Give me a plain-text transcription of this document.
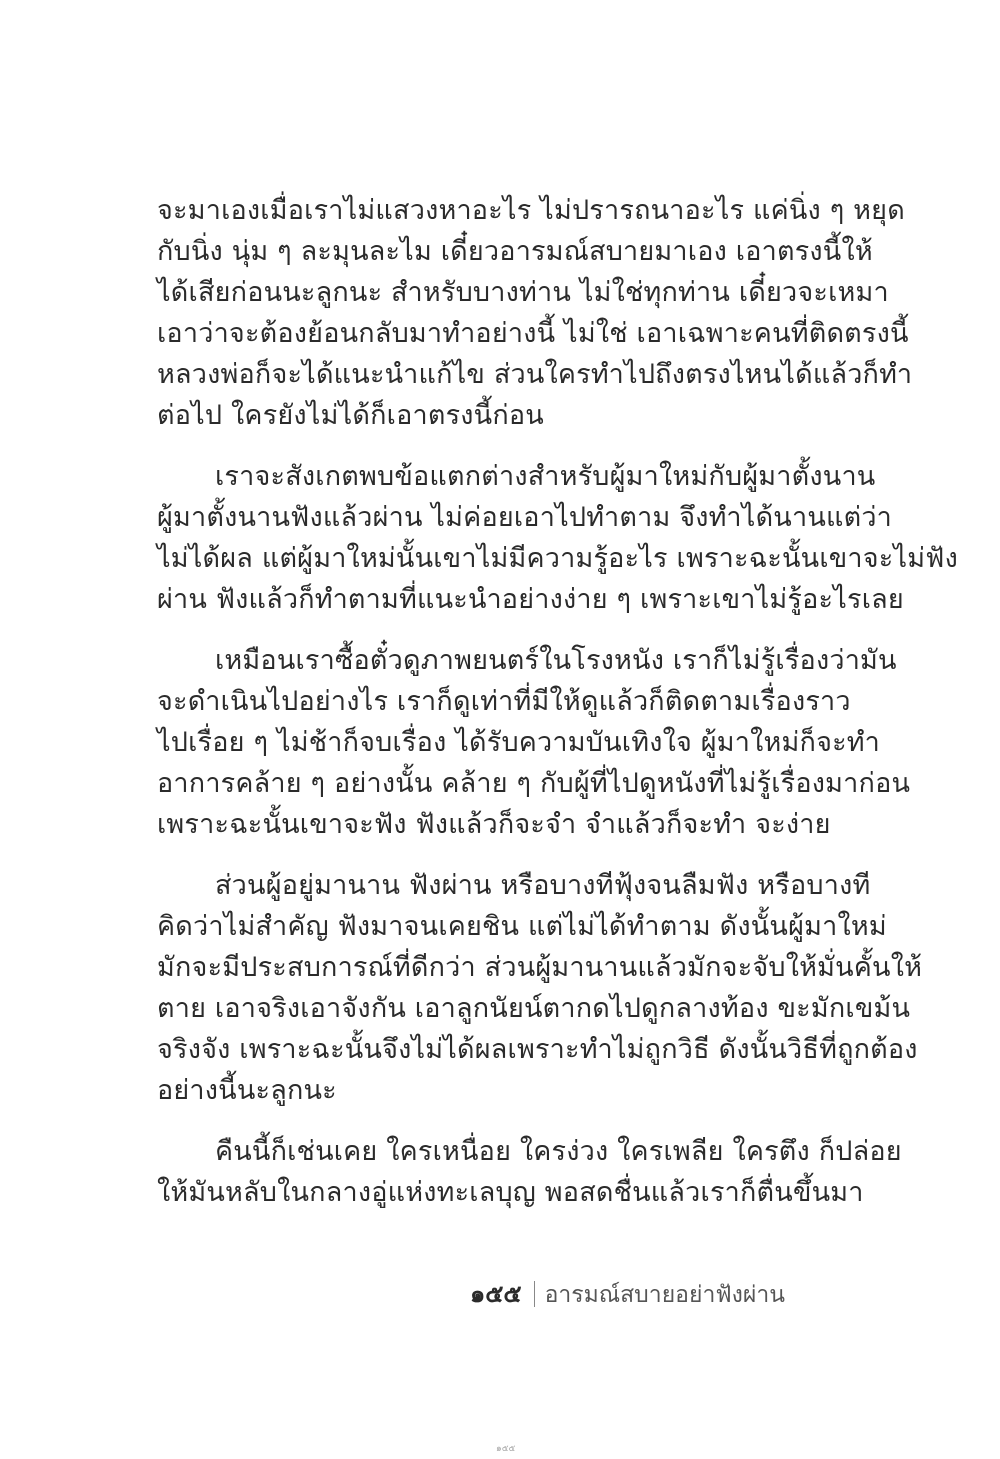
จะมาเองเมื่อเราไม่แสวงหาอะไร ไม่ปรารถนาอะไร แค่นิ่ง ๆ หยุด
กับนิ่ง นุ่ม ๆ ละมุนละไม เดี๋ยวอารมณ์สบายมาเอง เอาตรงนี้ให้
ได้เสียก่อนนะลูกนะ สำหรับบางท่าน ไม่ใช่ทุกท่าน เดี๋ยวจะเหมา
เอาว่าจะต้องย้อนกลับมาทำอย่างนี้ ไม่ใช่ เอาเฉพาะคนที่ติดตรงนี้
หลวงพ่อก็จะได้แนะนำแก้ไข ส่วนใครทำไปถึงตรงไหนได้แล้วก็ทำ
ต่อไป ใครยังไม่ได้ก็เอาตรงนี้ก่อน
เราจะสังเกตพบข้อแตกต่างสำหรับผู้มาใหม่กับผู้มาตั้งนาน
ผู้มาตั้งนานฟังแล้วผ่าน ไม่ค่อยเอาไปทำตาม จึงทำได้นานแต่ว่า
ไม่ได้ผล แต่ผู้มาใหม่นั้นเขาไม่มีความรู้อะไร เพราะฉะนั้นเขาจะไม่ฟัง
ผ่าน ฟังแล้วก็ทำตามที่แนะนำอย่างง่าย ๆ เพราะเขาไม่รู้อะไรเลย
เหมือนเราซื้อตั๋วดูภาพยนตร์ในโรงหนัง เราก็ไม่รู้เรื่องว่ามัน
จะดำเนินไปอย่างไร เราก็ดูเท่าที่มีให้ดูแล้วก็ติดตามเรื่องราว
ไปเรื่อย ๆ ไม่ช้าก็จบเรื่อง ได้รับความบันเทิงใจ ผู้มาใหม่ก็จะทำ
อาการคล้าย ๆ อย่างนั้น คล้าย ๆ กับผู้ที่ไปดูหนังที่ไม่รู้เรื่องมาก่อน
เพราะฉะนั้นเขาจะฟัง ฟังแล้วก็จะจำ จำแล้วก็จะทำ จะง่าย
ส่วนผู้อยู่มานาน ฟังผ่าน หรือบางทีฟุ้งจนลืมฟัง หรือบางที
คิดว่าไม่สำคัญ ฟังมาจนเคยชิน แต่ไม่ได้ทำตาม ดังนั้นผู้มาใหม่
มักจะมีประสบการณ์ที่ดีกว่า ส่วนผู้มานานแล้วมักจะจับให้มั่นคั้นให้
ตาย เอาจริงเอาจังกัน เอาลูกนัยน์ตากดไปดูกลางท้อง ขะมักเขม้น
จริงจัง เพราะฉะนั้นจึงไม่ได้ผลเพราะทำไม่ถูกวิธี ดังนั้นวิธีที่ถูกต้อง
อย่างนี้นะลูกนะ
คืนนี้ก็เช่นเคย ใครเหนื่อย ใครง่วง ใครเพลีย ใครตึง ก็ปล่อย
ให้มันหลับในกลางอู่แห่งทะเลบุญ พอสดชื่นแล้วเราก็ตื่นขึ้นมา
๑๕๕ อารมณ์สบายอย่าฟังผ่าน
๑๕๕
